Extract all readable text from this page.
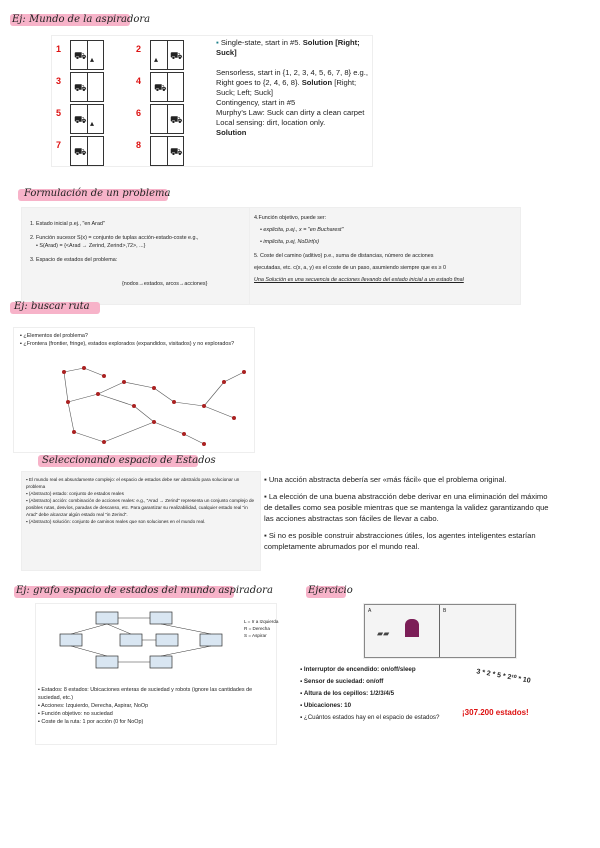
Ej: Mundo de la aspiradora
1
⛟ ▴
2
▴ ⛟
3
⛟
4
⛟
5
⛟ ▴
6
⛟
7
⛟
8
⛟
▪ Single-state, start in #5. Solution [Right; Suck]
Sensorless, start in {1, 2, 3, 4, 5, 6, 7, 8} e.g., Right goes to {2, 4, 6, 8}. Solution [Right; Suck; Left; Suck]
Contingency, start in #5
Murphy's Law: Suck can dirty a clean carpet
Local sensing: dirt, location only.
Solution
Formulación de un problema
1. Estado inicial p.ej., "en Arad"
2. Función sucesor S(x) = conjunto de tuplas acción-estado-coste e.g.,
• S(Arad) = {<Arad → Zerind, Zerind>,72>, ...}
3. Espacio de estados del problema:
{nodos→estados, arcos→acciones}
4.Función objetivo, puede ser:
• explicita, p.ej., x = "en Bucharest"
• implicita, p.ej, NoDirt(x)
5. Coste del camino (aditivo) p.e., suma de distancias, número de acciones
ejecutadas, etc. c(x, a, y) es el coste de un paso, asumiendo siempre que es ≥ 0
Una Solución es una secuencia de acciones llevando del estado inicial a un estado final
Ej: buscar ruta
▪ ¿Elementos del problema?
▪ ¿Frontera (frontier, fringe), estados explorados (expandidos, visitados) y no explorados?
Seleccionando espacio de Estados
▪ El mundo real es absurdamente complejo: el espacio de estados debe ser abstraído para solucionar un problema
▪ (Abstracto) estado: conjunto de estados reales
▪ (Abstracto) acción: combinación de acciones reales: e.g., "Arad → Zerind" representa un conjunto complejo de posibles rutas, desvíos, paradas de descanso, etc. Para garantizar su realizabilidad, cualquier estado real "in Arad" debe alcanzar algún estado real "in Zerind".
▪ (Abstracto) solución: conjunto de caminos reales que son soluciones en el mundo real.
▪ Una acción abstracta debería ser «más fácil» que el problema original.
▪ La elección de una buena abstracción debe derivar en una eliminación del máximo de detalles como sea posible mientras que se mantenga la validez garantizando que las acciones abstractas son fáciles de llevar a cabo.
▪ Si no es posible construir abstracciones útiles, los agentes inteligentes estarían completamente abrumados por el mundo real.
Ej: grafo espacio de estados del mundo aspiradora
L = Ir a Izquierda
R = Derecha
S = Aspirar
▪ Estados: 8 estados: Ubicaciones enteras de suciedad y robots (ignore las cantidades de suciedad, etc.)
▪ Acciones: Izquierdo, Derecha, Aspirar, NoOp
▪ Función objetivo: no suciedad
▪ Coste de la ruta: 1 por acción (0 for NoOp)
Ejercicio
A	B
▰▰
▪ Interruptor de encendido: on/off/sleep
▪ Sensor de suciedad: on/off
▪ Altura de los cepillos: 1/2/3/4/5
▪ Ubicaciones: 10
▪ ¿Cuántos estados hay en el espacio de estados?
3 * 2 * 5 * 2¹⁰ * 10
¡307.200 estados!
